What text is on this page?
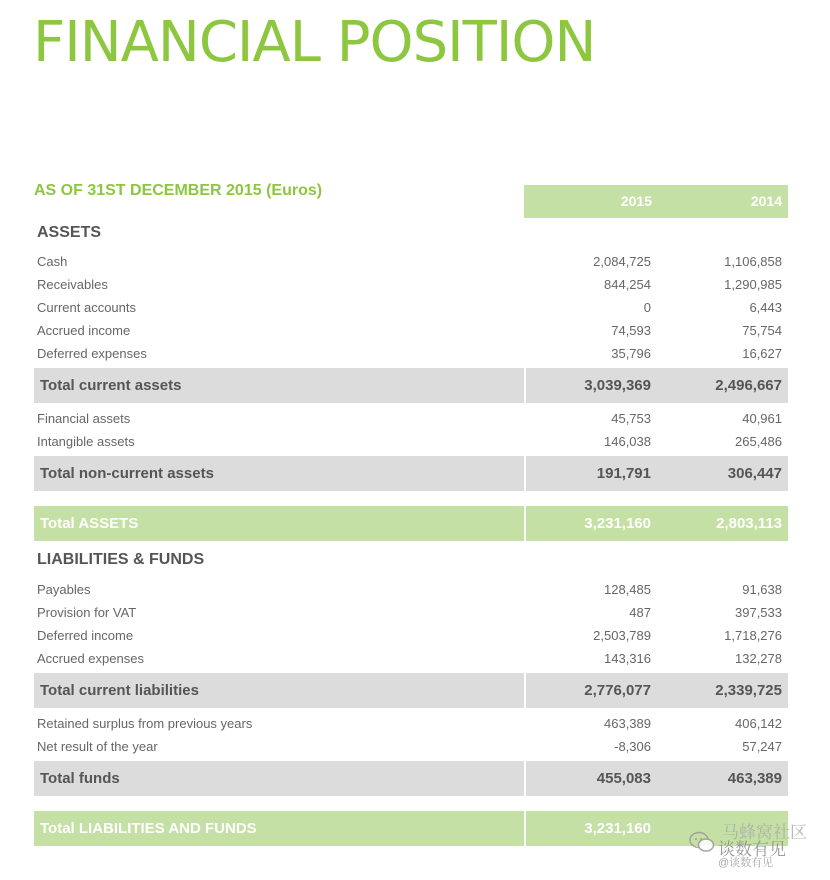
FINANCIAL POSITION
AS OF 31ST DECEMBER 2015 (Euros)
2015	2014
ASSETS
Cash	2,084,725	1,106,858
Receivables	844,254	1,290,985
Current accounts	0	6,443
Accrued income	74,593	75,754
Deferred expenses	35,796	16,627
Total current assets	3,039,369	2,496,667
Financial assets	45,753	40,961
Intangible assets	146,038	265,486
Total non-current assets	191,791	306,447
Total ASSETS	3,231,160	2,803,113
LIABILITIES & FUNDS
Payables	128,485	91,638
Provision for VAT	487	397,533
Deferred income	2,503,789	1,718,276
Accrued expenses	143,316	132,278
Total current liabilities	2,776,077	2,339,725
Retained surplus from previous years	463,389	406,142
Net result of the year	-8,306	57,247
Total funds	455,083	463,389
Total LIABILITIES AND FUNDS	3,231,160	马蜂窝社区
谈数有见
@谈数有见
